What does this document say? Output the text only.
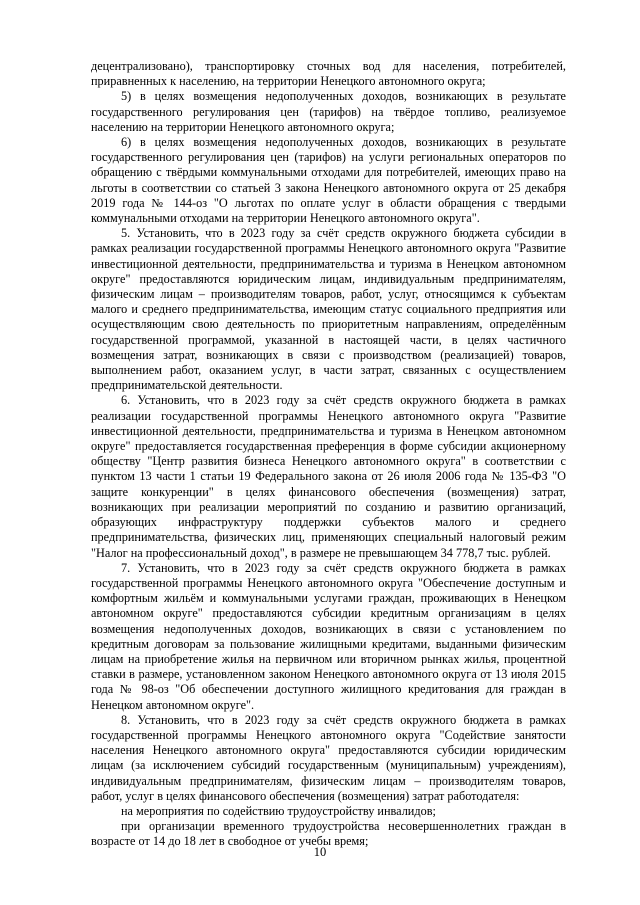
децентрализовано), транспортировку сточных вод для населения, потребителей, приравненных к населению, на территории Ненецкого автономного округа;

5) в целях возмещения недополученных доходов, возникающих в результате государственного регулирования цен (тарифов) на твёрдое топливо, реализуемое населению на территории Ненецкого автономного округа;

6) в целях возмещения недополученных доходов, возникающих в результате государственного регулирования цен (тарифов) на услуги региональных операторов по обращению с твёрдыми коммунальными отходами для потребителей, имеющих право на льготы в соответствии со статьей 3 закона Ненецкого автономного округа от 25 декабря 2019 года № 144-оз "О льготах по оплате услуг в области обращения с твердыми коммунальными отходами на территории Ненецкого автономного округа".

5. Установить, что в 2023 году за счёт средств окружного бюджета субсидии в рамках реализации государственной программы Ненецкого автономного округа "Развитие инвестиционной деятельности, предпринимательства и туризма в Ненецком автономном округе" предоставляются юридическим лицам, индивидуальным предпринимателям, физическим лицам – производителям товаров, работ, услуг, относящимся к субъектам малого и среднего предпринимательства, имеющим статус социального предприятия или осуществляющим свою деятельность по приоритетным направлениям, определённым государственной программой, указанной в настоящей части, в целях частичного возмещения затрат, возникающих в связи с производством (реализацией) товаров, выполнением работ, оказанием услуг, в части затрат, связанных с осуществлением предпринимательской деятельности.

6. Установить, что в 2023 году за счёт средств окружного бюджета в рамках реализации государственной программы Ненецкого автономного округа "Развитие инвестиционной деятельности, предпринимательства и туризма в Ненецком автономном округе" предоставляется государственная преференция в форме субсидии акционерному обществу "Центр развития бизнеса Ненецкого автономного округа" в соответствии с пунктом 13 части 1 статьи 19 Федерального закона от 26 июля 2006 года № 135-ФЗ "О защите конкуренции" в целях финансового обеспечения (возмещения) затрат, возникающих при реализации мероприятий по созданию и развитию организаций, образующих инфраструктуру поддержки субъектов малого и среднего предпринимательства, физических лиц, применяющих специальный налоговый режим "Налог на профессиональный доход", в размере не превышающем 34 778,7 тыс. рублей.

7. Установить, что в 2023 году за счёт средств окружного бюджета в рамках государственной программы Ненецкого автономного округа "Обеспечение доступным и комфортным жильём и коммунальными услугами граждан, проживающих в Ненецком автономном округе" предоставляются субсидии кредитным организациям в целях возмещения недополученных доходов, возникающих в связи с установлением по кредитным договорам за пользование жилищными кредитами, выданными физическим лицам на приобретение жилья на первичном или вторичном рынках жилья, процентной ставки в размере, установленном законом Ненецкого автономного округа от 13 июля 2015 года № 98-оз "Об обеспечении доступного жилищного кредитования для граждан в Ненецком автономном округе".

8. Установить, что в 2023 году за счёт средств окружного бюджета в рамках государственной программы Ненецкого автономного округа "Содействие занятости населения Ненецкого автономного округа" предоставляются субсидии юридическим лицам (за исключением субсидий государственным (муниципальным) учреждениям), индивидуальным предпринимателям, физическим лицам – производителям товаров, работ, услуг в целях финансового обеспечения (возмещения) затрат работодателя:

на мероприятия по содействию трудоустройству инвалидов;

при организации временного трудоустройства несовершеннолетних граждан в возрасте от 14 до 18 лет в свободное от учебы время;

10
